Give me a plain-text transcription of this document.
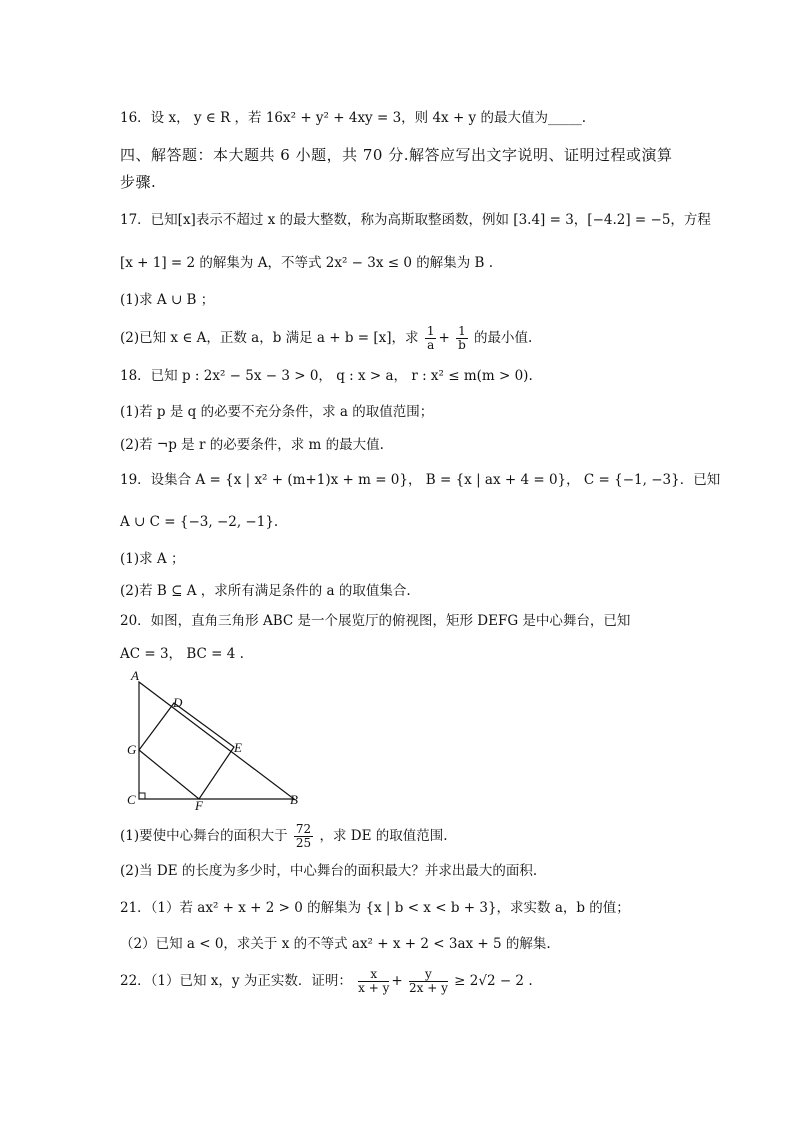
16．设 x， y ∈ R ，若 16x² + y² + 4xy = 3，则 4x + y 的最大值为_____.
四、解答题：本大题共 6 小题，共 70 分.解答应写出文字说明、证明过程或演算
步骤.
17．已知[x]表示不超过 x 的最大整数，称为高斯取整函数，例如 [3.4] = 3，[−4.2] = −5，方程
[x + 1] = 2 的解集为 A，不等式 2x² − 3x ≤ 0 的解集为 B .
(1)求 A ∪ B ；
(2)已知 x ∈ A，正数 a，b 满足 a + b = [x]，求 $\frac{1}{a} + \frac{1}{b}$ 的最小值.
18．已知 p : 2x² − 5x − 3 > 0， q : x > a， r : x² ≤ m(m > 0).
(1)若 p 是 q 的必要不充分条件，求 a 的取值范围；
(2)若 ¬p 是 r 的必要条件，求 m 的最大值.
19．设集合 A = {x | x² + (m+1)x + m = 0}， B = {x | ax + 4 = 0}， C = {−1, −3}．已知
A ∪ C = {−3, −2, −1}.
(1)求 A ；
(2)若 B ⊆ A ，求所有满足条件的 a 的取值集合.
20．如图，直角三角形 ABC 是一个展览厅的俯视图，矩形 DEFG 是中心舞台，已知
AC = 3， BC = 4 .
A
D
G	E
C	F	B
(1)要使中心舞台的面积大于 $\frac{72}{25}$ ，求 DE 的取值范围.
(2)当 DE 的长度为多少时，中心舞台的面积最大？并求出最大的面积.
21．（1）若 ax² + x + 2 > 0 的解集为 {x | b < x < b + 3}，求实数 a，b 的值；
（2）已知 a < 0，求关于 x 的不等式 ax² + x + 2 < 3ax + 5 的解集.
22．（1）已知 x，y 为正实数．证明： $\frac{x}{x + y} + \frac{y}{2x + y} \ge 2√2 - 2$ .
